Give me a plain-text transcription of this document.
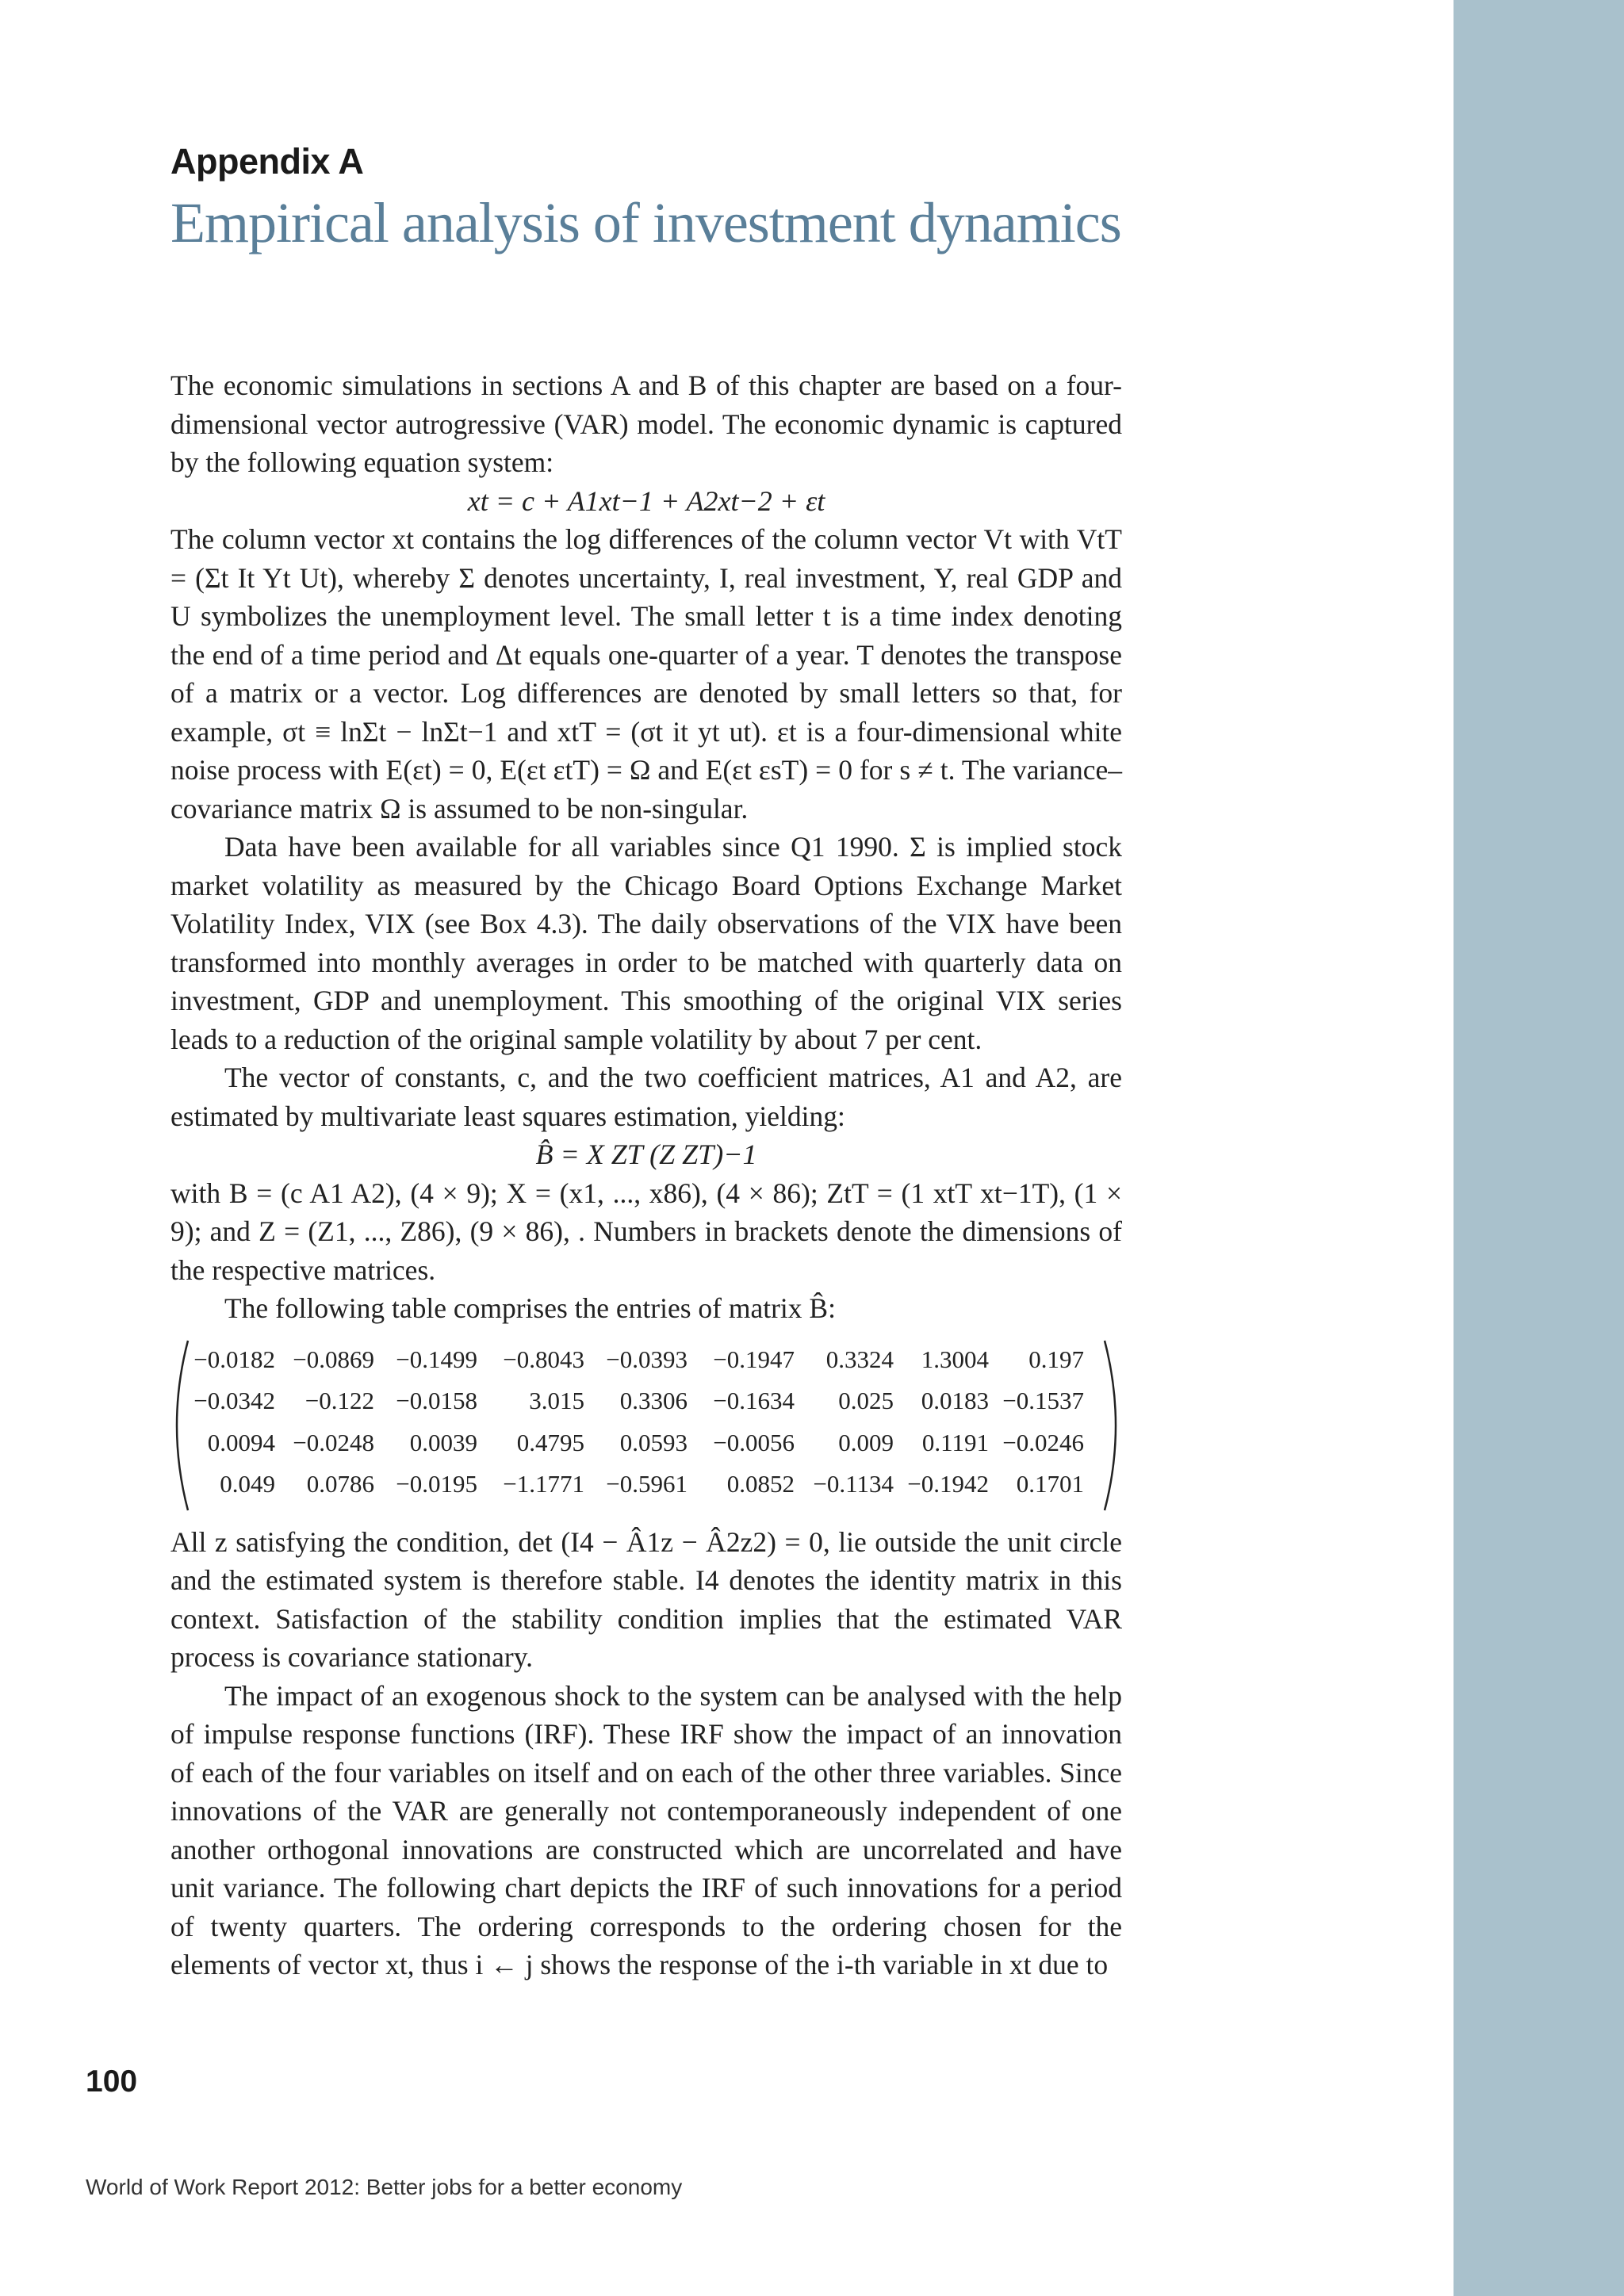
Appendix A
Empirical analysis of investment dynamics

The economic simulations in sections A and B of this chapter are based on a four-dimensional vector autrogressive (VAR) model. The economic dynamic is captured by the following equation system:

xt = c + A1xt−1 + A2xt−2 + εt

The column vector xt contains the log differences of the column vector Vt with VtT = (Σt It Yt Ut), whereby Σ denotes uncertainty, I, real investment, Y, real GDP and U symbolizes the unemployment level. The small letter t is a time index denoting the end of a time period and Δt equals one-quarter of a year. T denotes the transpose of a matrix or a vector. Log differences are denoted by small letters so that, for example, σt ≡ lnΣt − lnΣt−1 and xtT = (σt it yt ut). εt is a four-dimensional white noise process with E(εt) = 0, E(εt εtT) = Ω and E(εt εsT) = 0 for s ≠ t. The variance–covariance matrix Ω is assumed to be non-singular.

Data have been available for all variables since Q1 1990. Σ is implied stock market volatility as measured by the Chicago Board Options Exchange Market Volatility Index, VIX (see Box 4.3). The daily observations of the VIX have been transformed into monthly averages in order to be matched with quarterly data on investment, GDP and unemployment. This smoothing of the original VIX series leads to a reduction of the original sample volatility by about 7 per cent.

The vector of constants, c, and the two coefficient matrices, A1 and A2, are estimated by multivariate least squares estimation, yielding:

B̂ = X ZT (Z ZT)−1

with B = (c A1 A2), (4 × 9); X = (x1, ..., x86), (4 × 86); ZtT = (1 xtT xt−1T), (1 × 9); and Z = (Z1, ..., Z86), (9 × 86), . Numbers in brackets denote the dimensions of the respective matrices.

The following table comprises the entries of matrix B̂:

−0.0182	−0.0869	−0.1499	−0.8043	−0.0393	−0.1947	0.3324	1.3004	0.197
−0.0342	−0.122	−0.0158	3.015	0.3306	−0.1634	0.025	0.0183	−0.1537
0.0094	−0.0248	0.0039	0.4795	0.0593	−0.0056	0.009	0.1191	−0.0246
0.049	0.0786	−0.0195	−1.1771	−0.5961	0.0852	−0.1134	−0.1942	0.1701

All z satisfying the condition, det (I4 − Â1z − Â2z2) = 0, lie outside the unit circle and the estimated system is therefore stable. I4 denotes the identity matrix in this context. Satisfaction of the stability condition implies that the estimated VAR process is covariance stationary.

The impact of an exogenous shock to the system can be analysed with the help of impulse response functions (IRF). These IRF show the impact of an innovation of each of the four variables on itself and on each of the other three variables. Since innovations of the VAR are generally not contemporaneously independent of one another orthogonal innovations are constructed which are uncorrelated and have unit variance. The following chart depicts the IRF of such innovations for a period of twenty quarters. The ordering corresponds to the ordering chosen for the elements of vector xt, thus i ← j shows the response of the i-th variable in xt due to

100
World of Work Report 2012: Better jobs for a better economy
